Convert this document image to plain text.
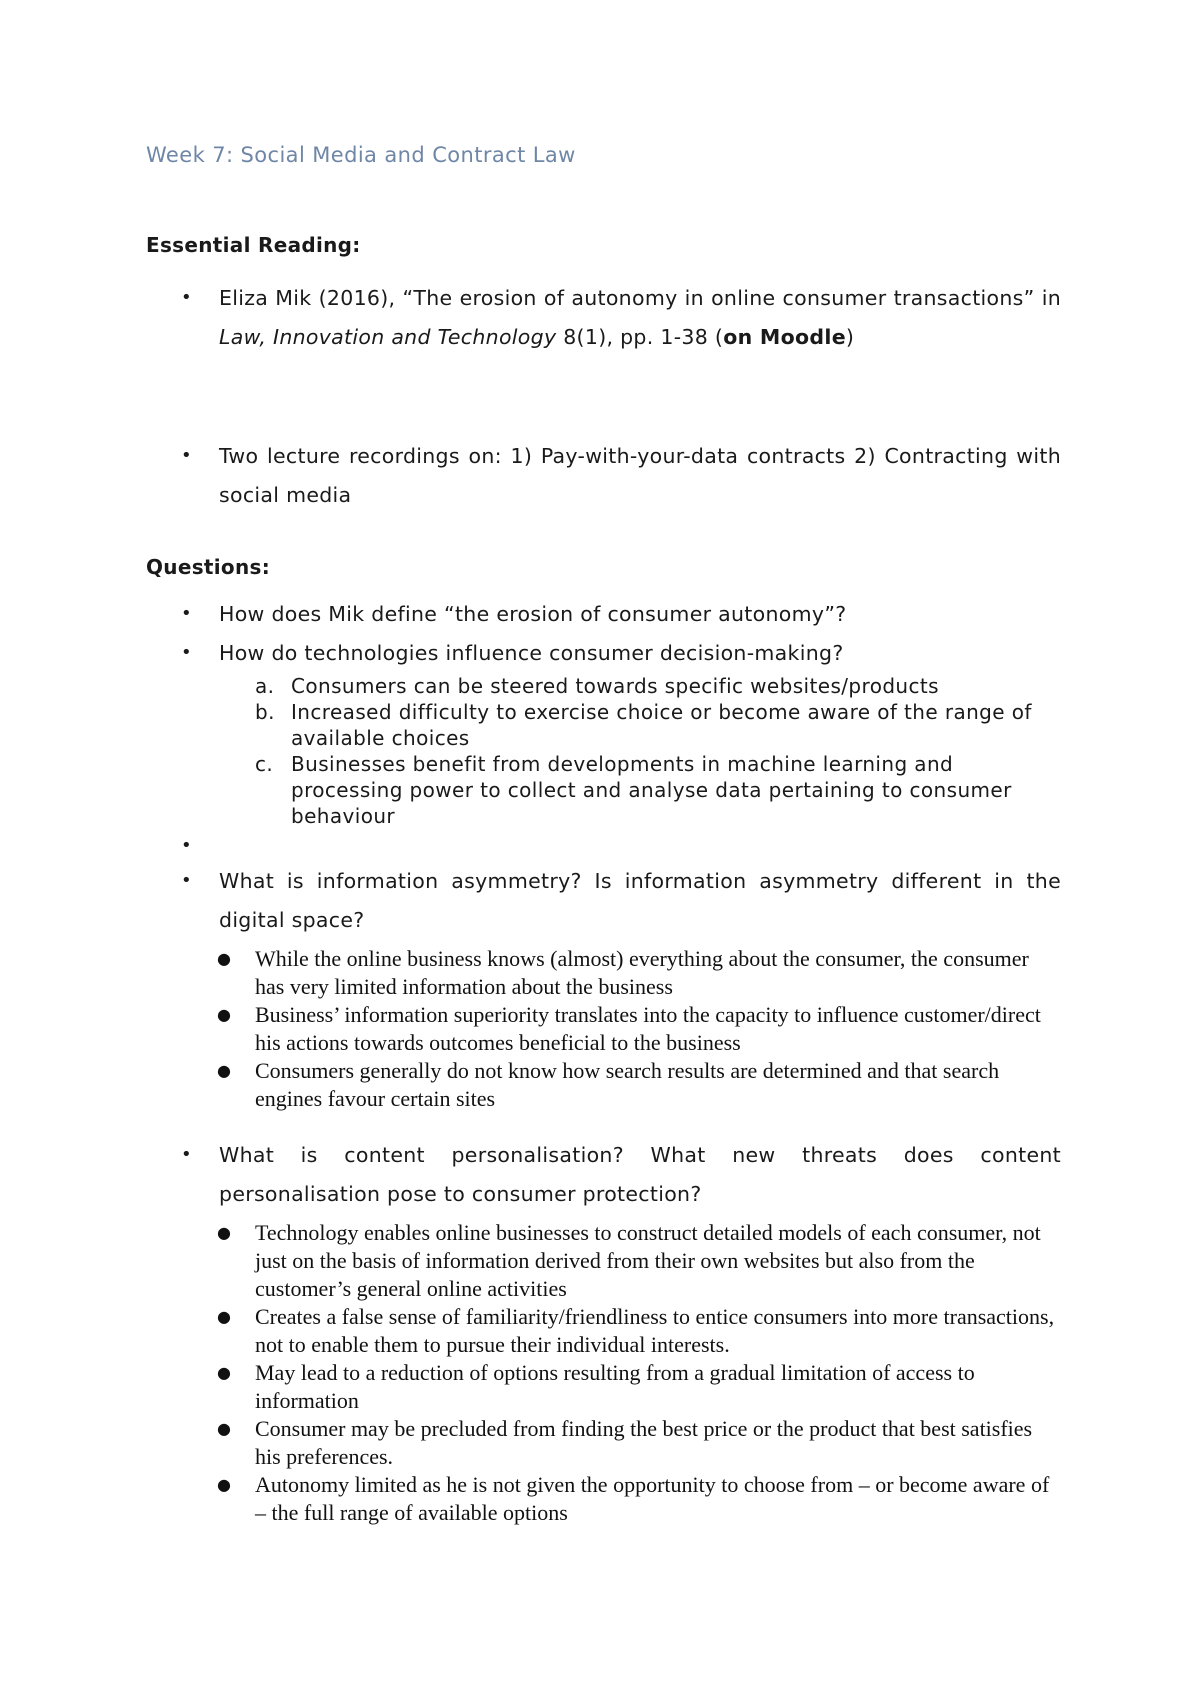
Week 7: Social Media and Contract Law
Essential Reading:
• Eliza Mik (2016), “The erosion of autonomy in online consumer transactions” in Law, Innovation and Technology 8(1), pp. 1-38 (on Moodle)
• Two lecture recordings on: 1) Pay-with-your-data contracts 2) Contracting with social media
Questions:
• How does Mik define “the erosion of consumer autonomy”?
• How do technologies influence consumer decision-making?
a. Consumers can be steered towards specific websites/products
b. Increased difficulty to exercise choice or become aware of the range of available choices
c. Businesses benefit from developments in machine learning and processing power to collect and analyse data pertaining to consumer behaviour
•
• What is information asymmetry? Is information asymmetry different in the digital space?
● While the online business knows (almost) everything about the consumer, the consumer has very limited information about the business
● Business’ information superiority translates into the capacity to influence customer/direct his actions towards outcomes beneficial to the business
● Consumers generally do not know how search results are determined and that search engines favour certain sites
• What is content personalisation? What new threats does content personalisation pose to consumer protection?
● Technology enables online businesses to construct detailed models of each consumer, not just on the basis of information derived from their own websites but also from the customer’s general online activities
● Creates a false sense of familiarity/friendliness to entice consumers into more transactions, not to enable them to pursue their individual interests.
● May lead to a reduction of options resulting from a gradual limitation of access to information
● Consumer may be precluded from finding the best price or the product that best satisfies his preferences.
● Autonomy limited as he is not given the opportunity to choose from – or become aware of – the full range of available options
